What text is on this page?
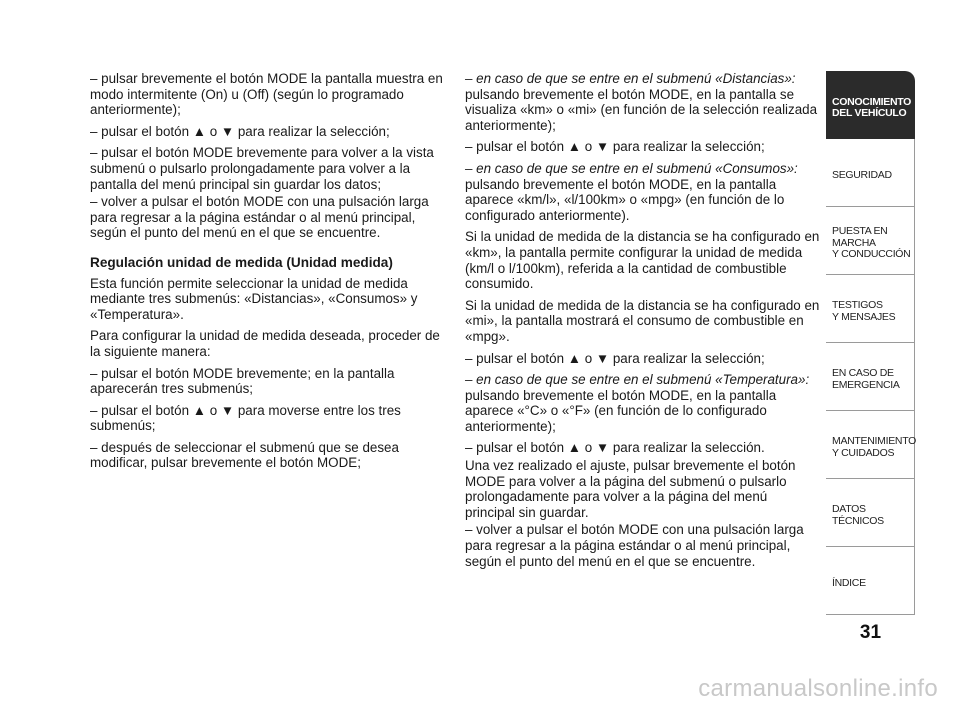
– pulsar brevemente el botón MODE la pantalla muestra en modo intermitente (On) u (Off) (según lo programado anteriormente);

– pulsar el botón ▲ o ▼ para realizar la selección;

– pulsar el botón MODE brevemente para volver a la vista submenú o pulsarlo prolongadamente para volver a la pantalla del menú principal sin guardar los datos;

– volver a pulsar el botón MODE con una pulsación larga para regresar a la página estándar o al menú principal, según el punto del menú en el que se encuentre.

Regulación unidad de medida (Unidad medida)

Esta función permite seleccionar la unidad de medida mediante tres submenús: «Distancias», «Consumos» y «Temperatura».

Para configurar la unidad de medida deseada, proceder de la siguiente manera:

– pulsar el botón MODE brevemente; en la pantalla aparecerán tres submenús;

– pulsar el botón ▲ o ▼ para moverse entre los tres submenús;

– después de seleccionar el submenú que se desea modificar, pulsar brevemente el botón MODE;

– en caso de que se entre en el submenú «Distancias»: pulsando brevemente el botón MODE, en la pantalla se visualiza «km» o «mi» (en función de la selección realizada anteriormente);

– pulsar el botón ▲ o ▼ para realizar la selección;

– en caso de que se entre en el submenú «Consumos»: pulsando brevemente el botón MODE, en la pantalla aparece «km/l», «l/100km» o «mpg» (en función de lo configurado anteriormente).

Si la unidad de medida de la distancia se ha configurado en «km», la pantalla permite configurar la unidad de medida (km/l o l/100km), referida a la cantidad de combustible consumido.

Si la unidad de medida de la distancia se ha configurado en «mi», la pantalla mostrará el consumo de combustible en «mpg».

– pulsar el botón ▲ o ▼ para realizar la selección;

– en caso de que se entre en el submenú «Temperatura»: pulsando brevemente el botón MODE, en la pantalla aparece «°C» o «°F» (en función de lo configurado anteriormente);

– pulsar el botón ▲ o ▼ para realizar la selección.

Una vez realizado el ajuste, pulsar brevemente el botón MODE para volver a la página del submenú o pulsarlo prolongadamente para volver a la página del menú principal sin guardar.

– volver a pulsar el botón MODE con una pulsación larga para regresar a la página estándar o al menú principal, según el punto del menú en el que se encuentre.

CONOCIMIENTO
DEL VEHÍCULO
SEGURIDAD
PUESTA EN
MARCHA
Y CONDUCCIÓN
TESTIGOS
Y MENSAJES
EN CASO DE
EMERGENCIA
MANTENIMIENTO
Y CUIDADOS
DATOS
TÉCNICOS
ÍNDICE
31
carmanualsonline.info
